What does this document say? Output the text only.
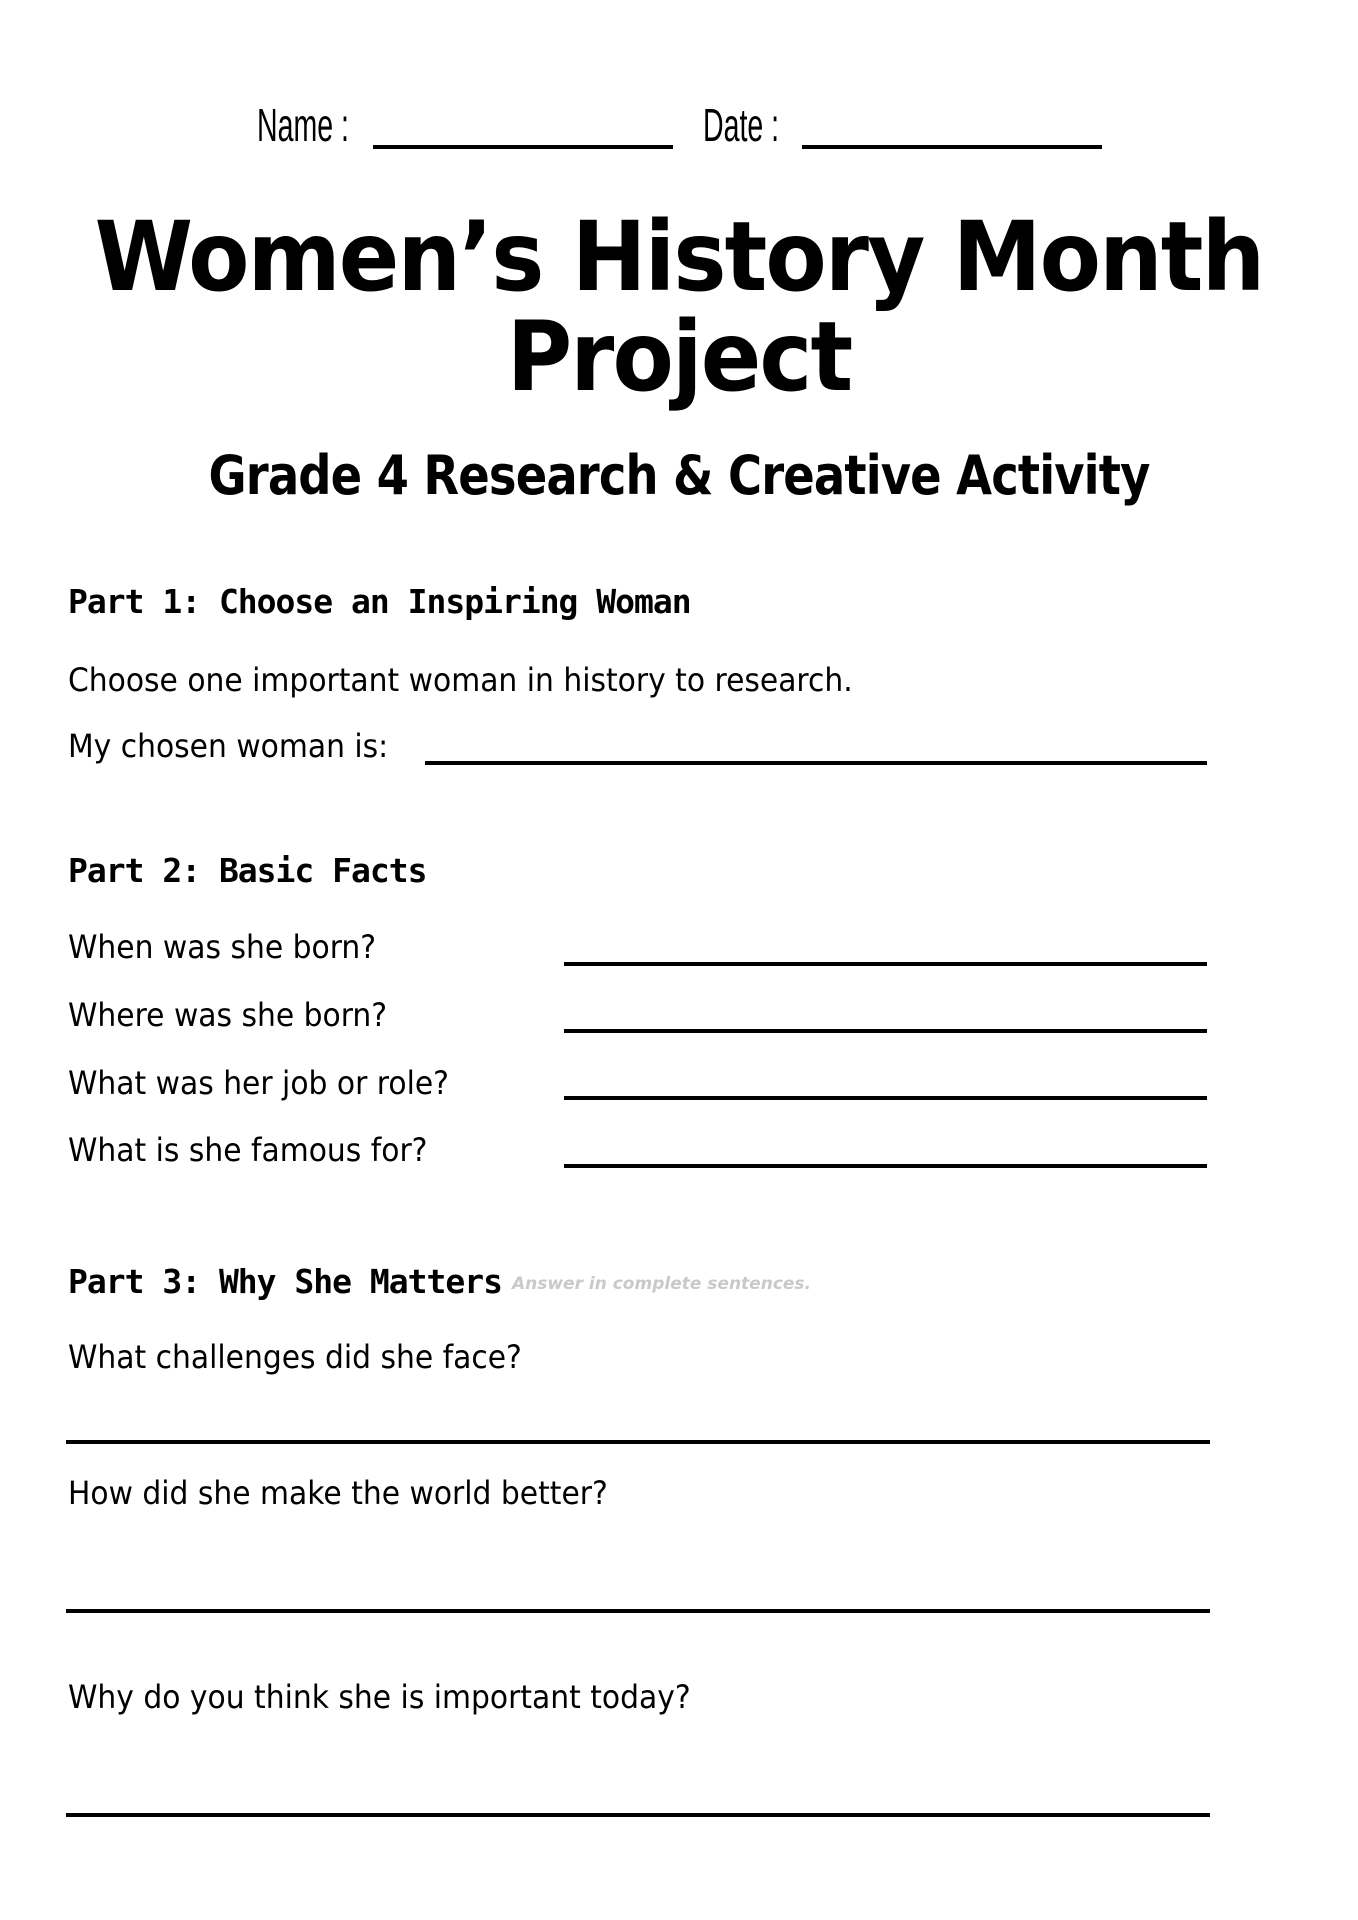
Name :	Date :
Women’s History Month
Project
Grade 4 Research & Creative Activity
Part 1: Choose an Inspiring Woman
Choose one important woman in history to research.
My chosen woman is:
Part 2: Basic Facts
When was she born?
Where was she born?
What was her job or role?
What is she famous for?
Part 3: Why She Matters Answer in complete sentences.
What challenges did she face?
How did she make the world better?
Why do you think she is important today?
